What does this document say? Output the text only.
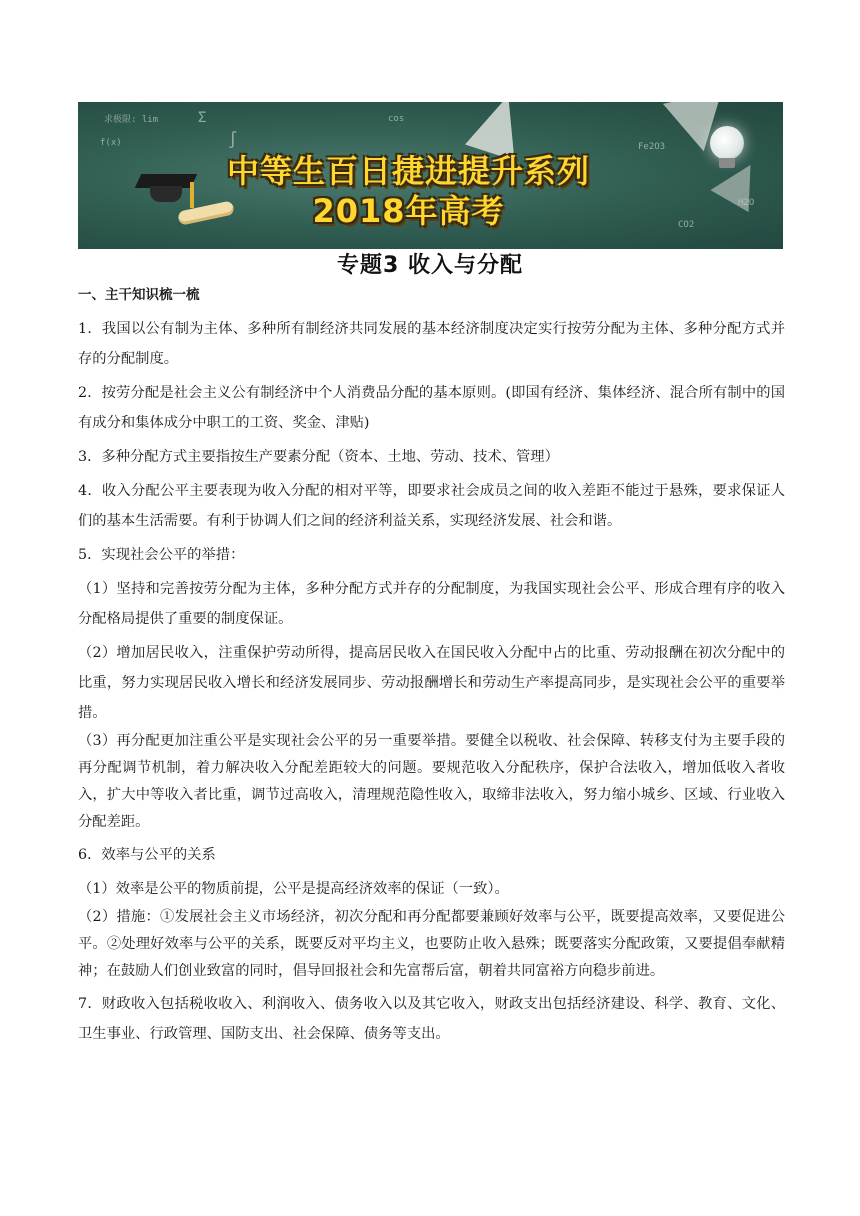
求极限: lim	Σ
∫
f(x)
cos
Fe2O3
CO2
H2O
中等生百日捷进提升系列
2018年高考
专题3 收入与分配

一、主干知识梳一梳

1．我国以公有制为主体、多种所有制经济共同发展的基本经济制度决定实行按劳分配为主体、多种分配方式并存的分配制度。

2．按劳分配是社会主义公有制经济中个人消费品分配的基本原则。(即国有经济、集体经济、混合所有制中的国有成分和集体成分中职工的工资、奖金、津贴)

3．多种分配方式主要指按生产要素分配（资本、土地、劳动、技术、管理）

4．收入分配公平主要表现为收入分配的相对平等，即要求社会成员之间的收入差距不能过于悬殊，要求保证人们的基本生活需要。有利于协调人们之间的经济利益关系，实现经济发展、社会和谐。

5．实现社会公平的举措：

（1）坚持和完善按劳分配为主体，多种分配方式并存的分配制度，为我国实现社会公平、形成合理有序的收入分配格局提供了重要的制度保证。

（2）增加居民收入，注重保护劳动所得，提高居民收入在国民收入分配中占的比重、劳动报酬在初次分配中的比重，努力实现居民收入增长和经济发展同步、劳动报酬增长和劳动生产率提高同步，是实现社会公平的重要举措。

（3）再分配更加注重公平是实现社会公平的另一重要举措。要健全以税收、社会保障、转移支付为主要手段的再分配调节机制，着力解决收入分配差距较大的问题。要规范收入分配秩序，保护合法收入，增加低收入者收入，扩大中等收入者比重，调节过高收入，清理规范隐性收入，取缔非法收入，努力缩小城乡、区域、行业收入分配差距。

6．效率与公平的关系

（1）效率是公平的物质前提，公平是提高经济效率的保证（一致）。

（2）措施：①发展社会主义市场经济，初次分配和再分配都要兼顾好效率与公平，既要提高效率，又要促进公平。②处理好效率与公平的关系，既要反对平均主义，也要防止收入悬殊；既要落实分配政策，又要提倡奉献精神；在鼓励人们创业致富的同时，倡导回报社会和先富帮后富，朝着共同富裕方向稳步前进。

7．财政收入包括税收收入、利润收入、债务收入以及其它收入，财政支出包括经济建设、科学、教育、文化、卫生事业、行政管理、国防支出、社会保障、债务等支出。
